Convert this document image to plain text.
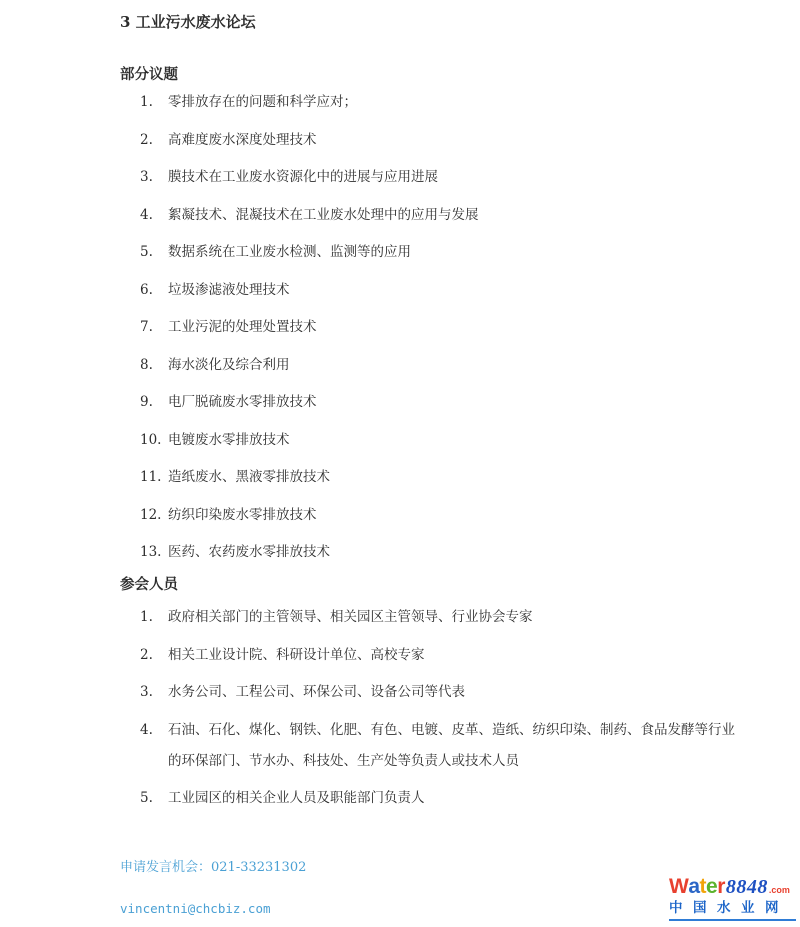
3 工业污水废水论坛
部分议题
1.	零排放存在的问题和科学应对；
2.	高难度废水深度处理技术
3.	膜技术在工业废水资源化中的进展与应用进展
4.	絮凝技术、混凝技术在工业废水处理中的应用与发展
5.	数据系统在工业废水检测、监测等的应用
6.	垃圾渗滤液处理技术
7.	工业污泥的处理处置技术
8.	海水淡化及综合利用
9.	电厂脱硫废水零排放技术
10. 电镀废水零排放技术
11. 造纸废水、黑液零排放技术
12. 纺织印染废水零排放技术
13. 医药、农药废水零排放技术
参会人员
1.	政府相关部门的主管领导、相关园区主管领导、行业协会专家
2.	相关工业设计院、科研设计单位、高校专家
3.	水务公司、工程公司、环保公司、设备公司等代表
4.	石油、石化、煤化、钢铁、化肥、有色、电镀、皮革、造纸、纺织印染、制药、食品发酵等行业的环保部门、节水办、科技处、生产处等负责人或技术人员
5.	工业园区的相关企业人员及职能部门负责人
申请发言机会：021-33231302
vincentni@chcbiz.com
W a t e r 8848 .com
中国水业网
